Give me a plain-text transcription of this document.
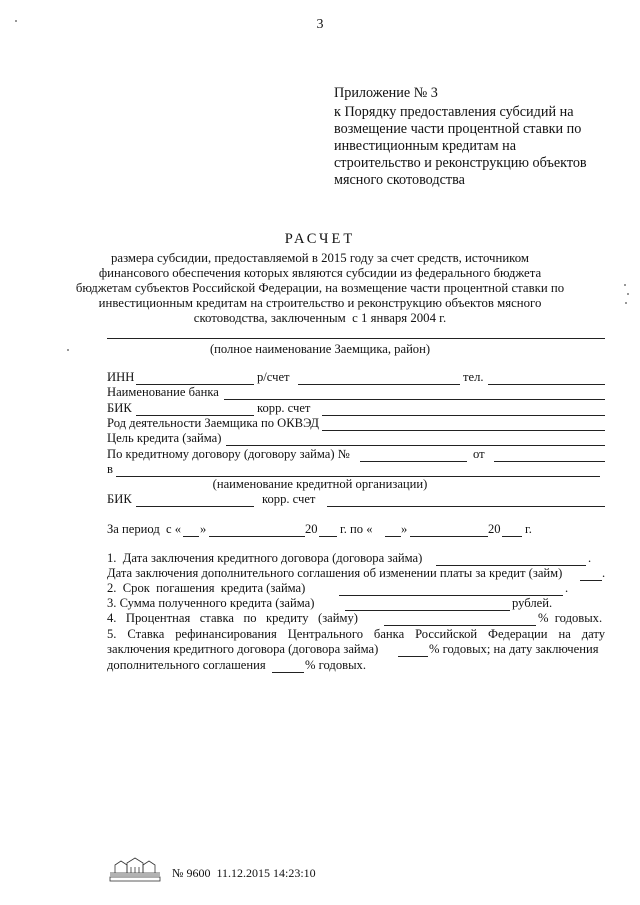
3
Приложение № 3
к Порядку предоставления субсидий на
возмещение части процентной ставки по
инвестиционным кредитам на
строительство и реконструкцию объектов
мясного скотоводства
РАСЧЕТ
размера субсидии, предоставляемой в 2015 году за счет средств, источником
финансового обеспечения которых являются субсидии из федерального бюджета
бюджетам субъектов Российской Федерации, на возмещение части процентной ставки по
инвестиционным кредитам на строительство и реконструкцию объектов мясного
скотоводства, заключенным  с 1 января 2004 г.
(полное наименование Заемщика, район)
ИНН	р/счет	тел.
Наименование банка
БИК	корр. счет
Род деятельности Заемщика по ОКВЭД
Цель кредита (займа)
По кредитному договору (договору займа) №	от
в
(наименование кредитной организации)
БИК	корр. счет
За период  с « »	20 г. по « »	20 г.
1.  Дата заключения кредитного договора (договора займа)	.
Дата заключения дополнительного соглашения об изменении платы за кредит (займ)	.
2.  Срок  погашения  кредита (займа)	.
3. Сумма полученного кредита (займа)	рублей.
4.   Процентная   ставка   по   кредиту   (займу)	%  годовых.
5. Ставка рефинансирования Центрального банка Российской Федерации на дату
заключения кредитного договора (договора займа)	% годовых; на дату заключения
дополнительного соглашения	% годовых.
№ 9600  11.12.2015 14:23:10
